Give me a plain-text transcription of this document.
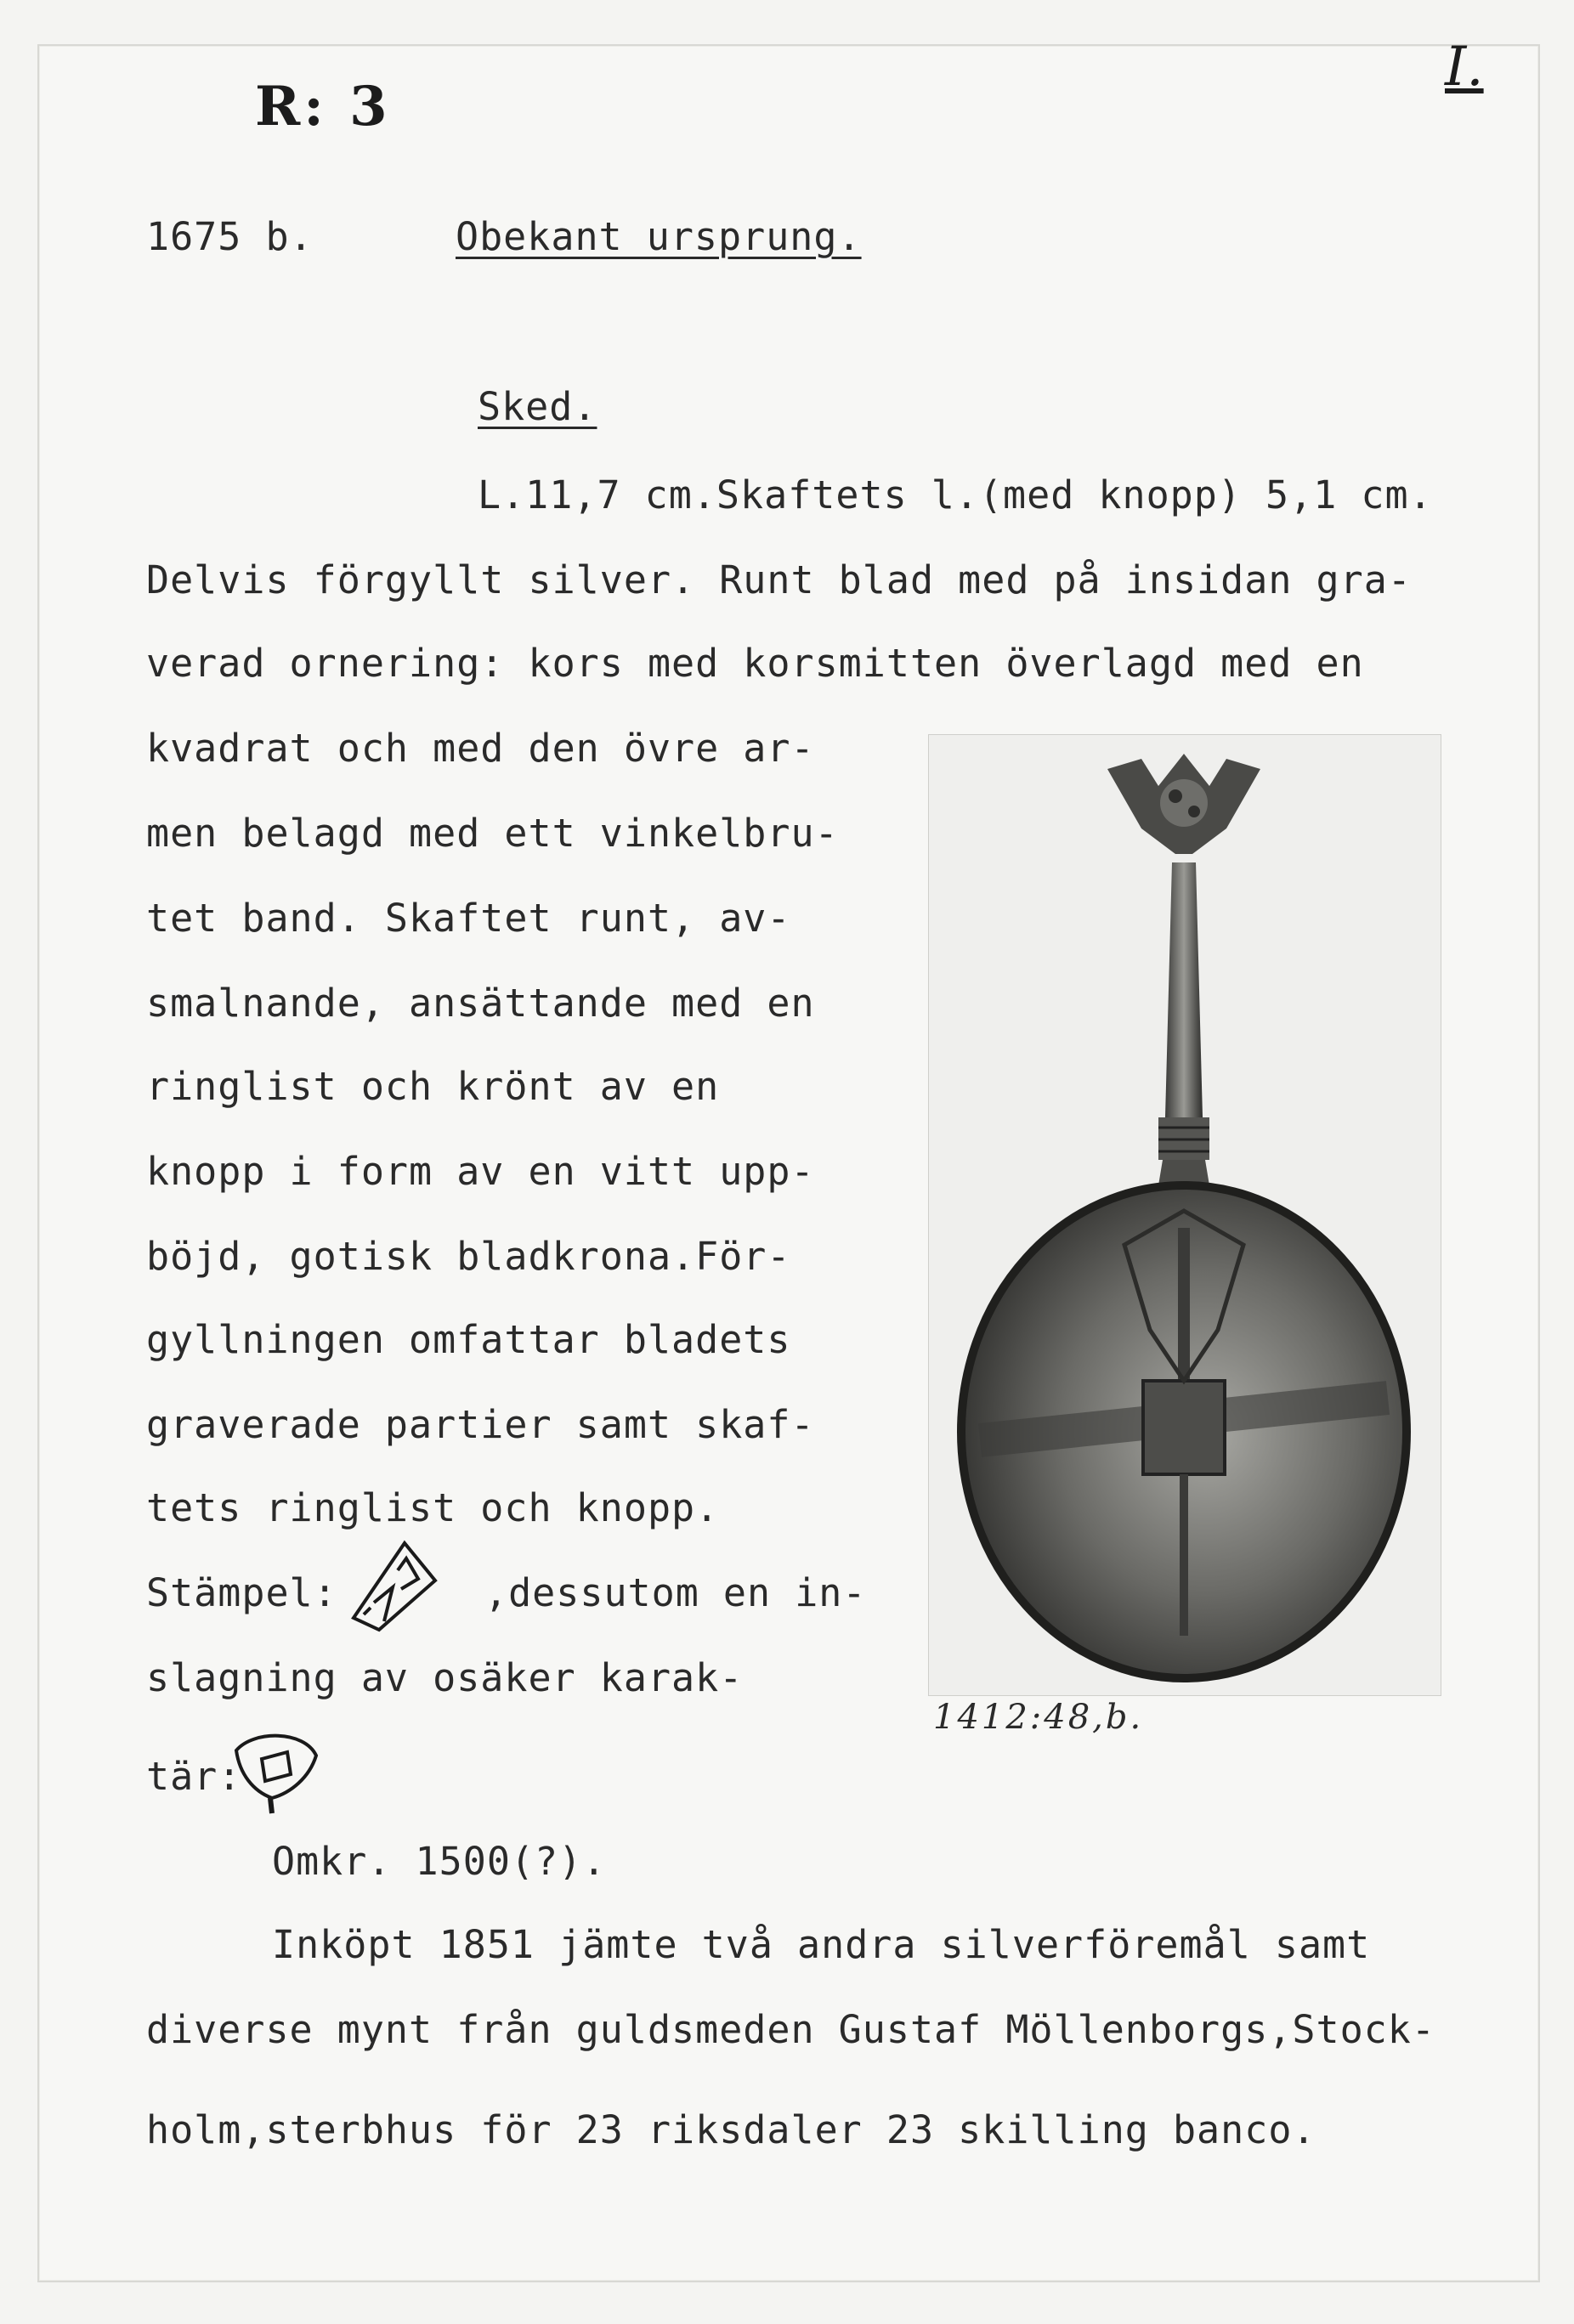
R: 3
I.
1675 b.	Obekant ursprung.
Sked.
L.11,7 cm.Skaftets l.(med knopp) 5,1 cm.
Delvis förgyllt silver. Runt blad med på insidan gra-
verad ornering: kors med korsmitten överlagd med en
kvadrat och med den övre ar-
men belagd med ett vinkelbru-
tet band. Skaftet runt, av-
smalnande, ansättande med en
ringlist och krönt av en
knopp i form av en vitt upp-
böjd, gotisk bladkrona.För-
gyllningen omfattar bladets
graverade partier samt skaf-
tets ringlist och knopp.
Stämpel:	,dessutom en in-
slagning av osäker karak-
tär:
Omkr. 1500(?).
Inköpt 1851 jämte två andra silverföremål samt
diverse mynt från guldsmeden Gustaf Möllenborgs,Stock-
holm,sterbhus för 23 riksdaler 23 skilling banco.
1412:48,b.
